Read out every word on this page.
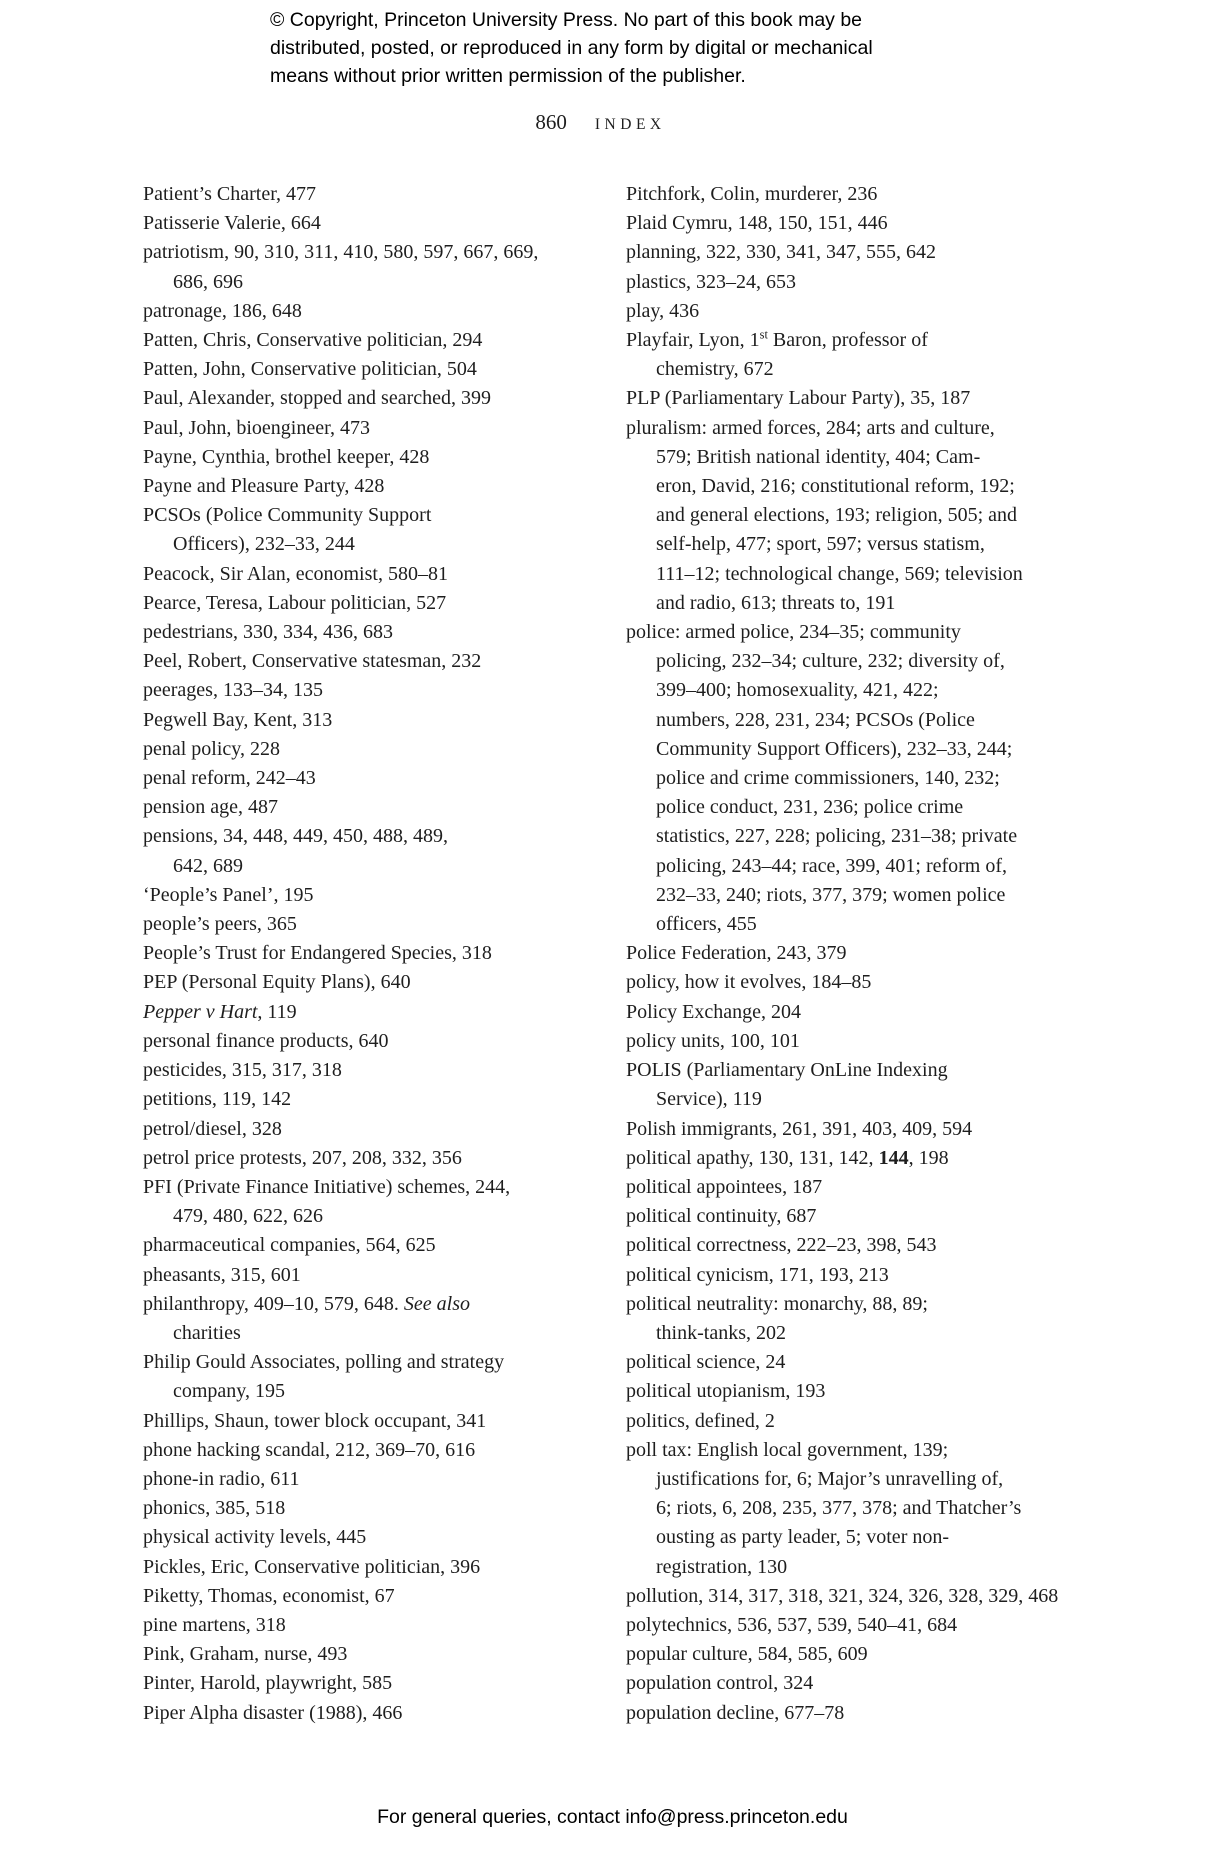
© Copyright, Princeton University Press. No part of this book may be
distributed, posted, or reproduced in any form by digital or mechanical
means without prior written permission of the publisher.
860 INDEX
Patient’s Charter, 477
Patisserie Valerie, 664
patriotism, 90, 310, 311, 410, 580, 597, 667, 669,
686, 696
patronage, 186, 648
Patten, Chris, Conservative politician, 294
Patten, John, Conservative politician, 504
Paul, Alexander, stopped and searched, 399
Paul, John, bioengineer, 473
Payne, Cynthia, brothel keeper, 428
Payne and Pleasure Party, 428
PCSOs (Police Community Support
Officers), 232–33, 244
Peacock, Sir Alan, economist, 580–81
Pearce, Teresa, Labour politician, 527
pedestrians, 330, 334, 436, 683
Peel, Robert, Conservative statesman, 232
peerages, 133–34, 135
Pegwell Bay, Kent, 313
penal policy, 228
penal reform, 242–43
pension age, 487
pensions, 34, 448, 449, 450, 488, 489,
642, 689
‘People’s Panel’, 195
people’s peers, 365
People’s Trust for Endangered Species, 318
PEP (Personal Equity Plans), 640
Pepper v Hart, 119
personal finance products, 640
pesticides, 315, 317, 318
petitions, 119, 142
petrol/diesel, 328
petrol price protests, 207, 208, 332, 356
PFI (Private Finance Initiative) schemes, 244,
479, 480, 622, 626
pharmaceutical companies, 564, 625
pheasants, 315, 601
philanthropy, 409–10, 579, 648. See also
charities
Philip Gould Associates, polling and strategy
company, 195
Phillips, Shaun, tower block occupant, 341
phone hacking scandal, 212, 369–70, 616
phone-in radio, 611
phonics, 385, 518
physical activity levels, 445
Pickles, Eric, Conservative politician, 396
Piketty, Thomas, economist, 67
pine martens, 318
Pink, Graham, nurse, 493
Pinter, Harold, playwright, 585
Piper Alpha disaster (1988), 466
Pitchfork, Colin, murderer, 236
Plaid Cymru, 148, 150, 151, 446
planning, 322, 330, 341, 347, 555, 642
plastics, 323–24, 653
play, 436
Playfair, Lyon, 1st Baron, professor of
chemistry, 672
PLP (Parliamentary Labour Party), 35, 187
pluralism: armed forces, 284; arts and culture,
579; British national identity, 404; Cam-
eron, David, 216; constitutional reform, 192;
and general elections, 193; religion, 505; and
self-help, 477; sport, 597; versus statism,
111–12; technological change, 569; television
and radio, 613; threats to, 191
police: armed police, 234–35; community
policing, 232–34; culture, 232; diversity of,
399–400; homosexuality, 421, 422;
numbers, 228, 231, 234; PCSOs (Police
Community Support Officers), 232–33, 244;
police and crime commissioners, 140, 232;
police conduct, 231, 236; police crime
statistics, 227, 228; policing, 231–38; private
policing, 243–44; race, 399, 401; reform of,
232–33, 240; riots, 377, 379; women police
officers, 455
Police Federation, 243, 379
policy, how it evolves, 184–85
Policy Exchange, 204
policy units, 100, 101
POLIS (Parliamentary OnLine Indexing
Service), 119
Polish immigrants, 261, 391, 403, 409, 594
political apathy, 130, 131, 142, 144, 198
political appointees, 187
political continuity, 687
political correctness, 222–23, 398, 543
political cynicism, 171, 193, 213
political neutrality: monarchy, 88, 89;
think-tanks, 202
political science, 24
political utopianism, 193
politics, defined, 2
poll tax: English local government, 139;
justifications for, 6; Major’s unravelling of,
6; riots, 6, 208, 235, 377, 378; and Thatcher’s
ousting as party leader, 5; voter non-
registration, 130
pollution, 314, 317, 318, 321, 324, 326, 328, 329, 468
polytechnics, 536, 537, 539, 540–41, 684
popular culture, 584, 585, 609
population control, 324
population decline, 677–78
For general queries, contact info@press.princeton.edu
